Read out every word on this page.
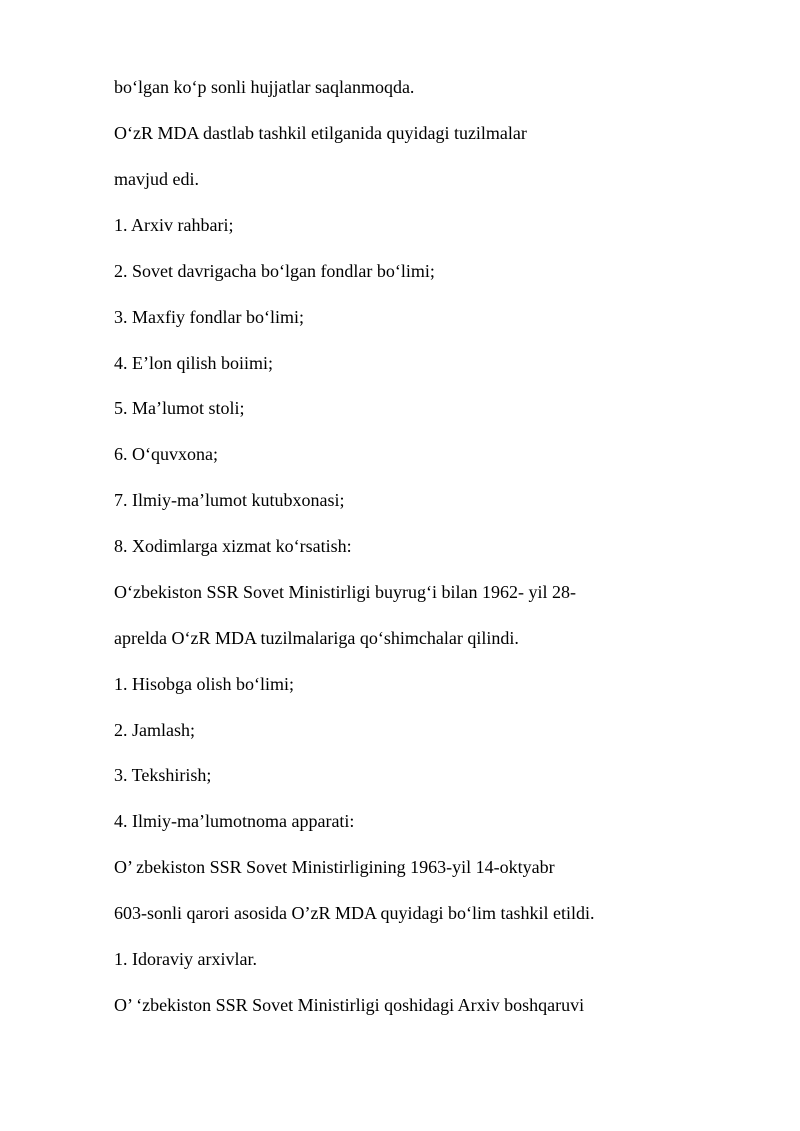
bo‘lgan ko‘p sonli hujjatlar saqlanmoqda.

O‘zR MDA dastlab tashkil etilganida quyidagi tuzilmalar

mavjud edi.

1. Arxiv rahbari;

2. Sovet davrigacha bo‘lgan fondlar bo‘limi;

3. Maxfiy fondlar bo‘limi;

4. E’lon qilish boiimi;

5. Ma’lumot stoli;

6. O‘quvxona;

7. Ilmiy-ma’lumot kutubxonasi;

8. Xodimlarga xizmat ko‘rsatish:

O‘zbekiston SSR Sovet Ministirligi buyrug‘i bilan 1962- yil 28-

aprelda O‘zR MDA tuzilmalariga qo‘shimchalar qilindi.

1. Hisobga olish bo‘limi;

2. Jamlash;

3. Tekshirish;

4. Ilmiy-ma’lumotnoma apparati:

O’ zbekiston SSR Sovet Ministirligining 1963-yil 14-oktyabr

603-sonli qarori asosida O’zR MDA quyidagi bo‘lim tashkil etildi.

1. Idoraviy arxivlar.

O’ ‘zbekiston SSR Sovet Ministirligi qoshidagi Arxiv boshqaruvi
